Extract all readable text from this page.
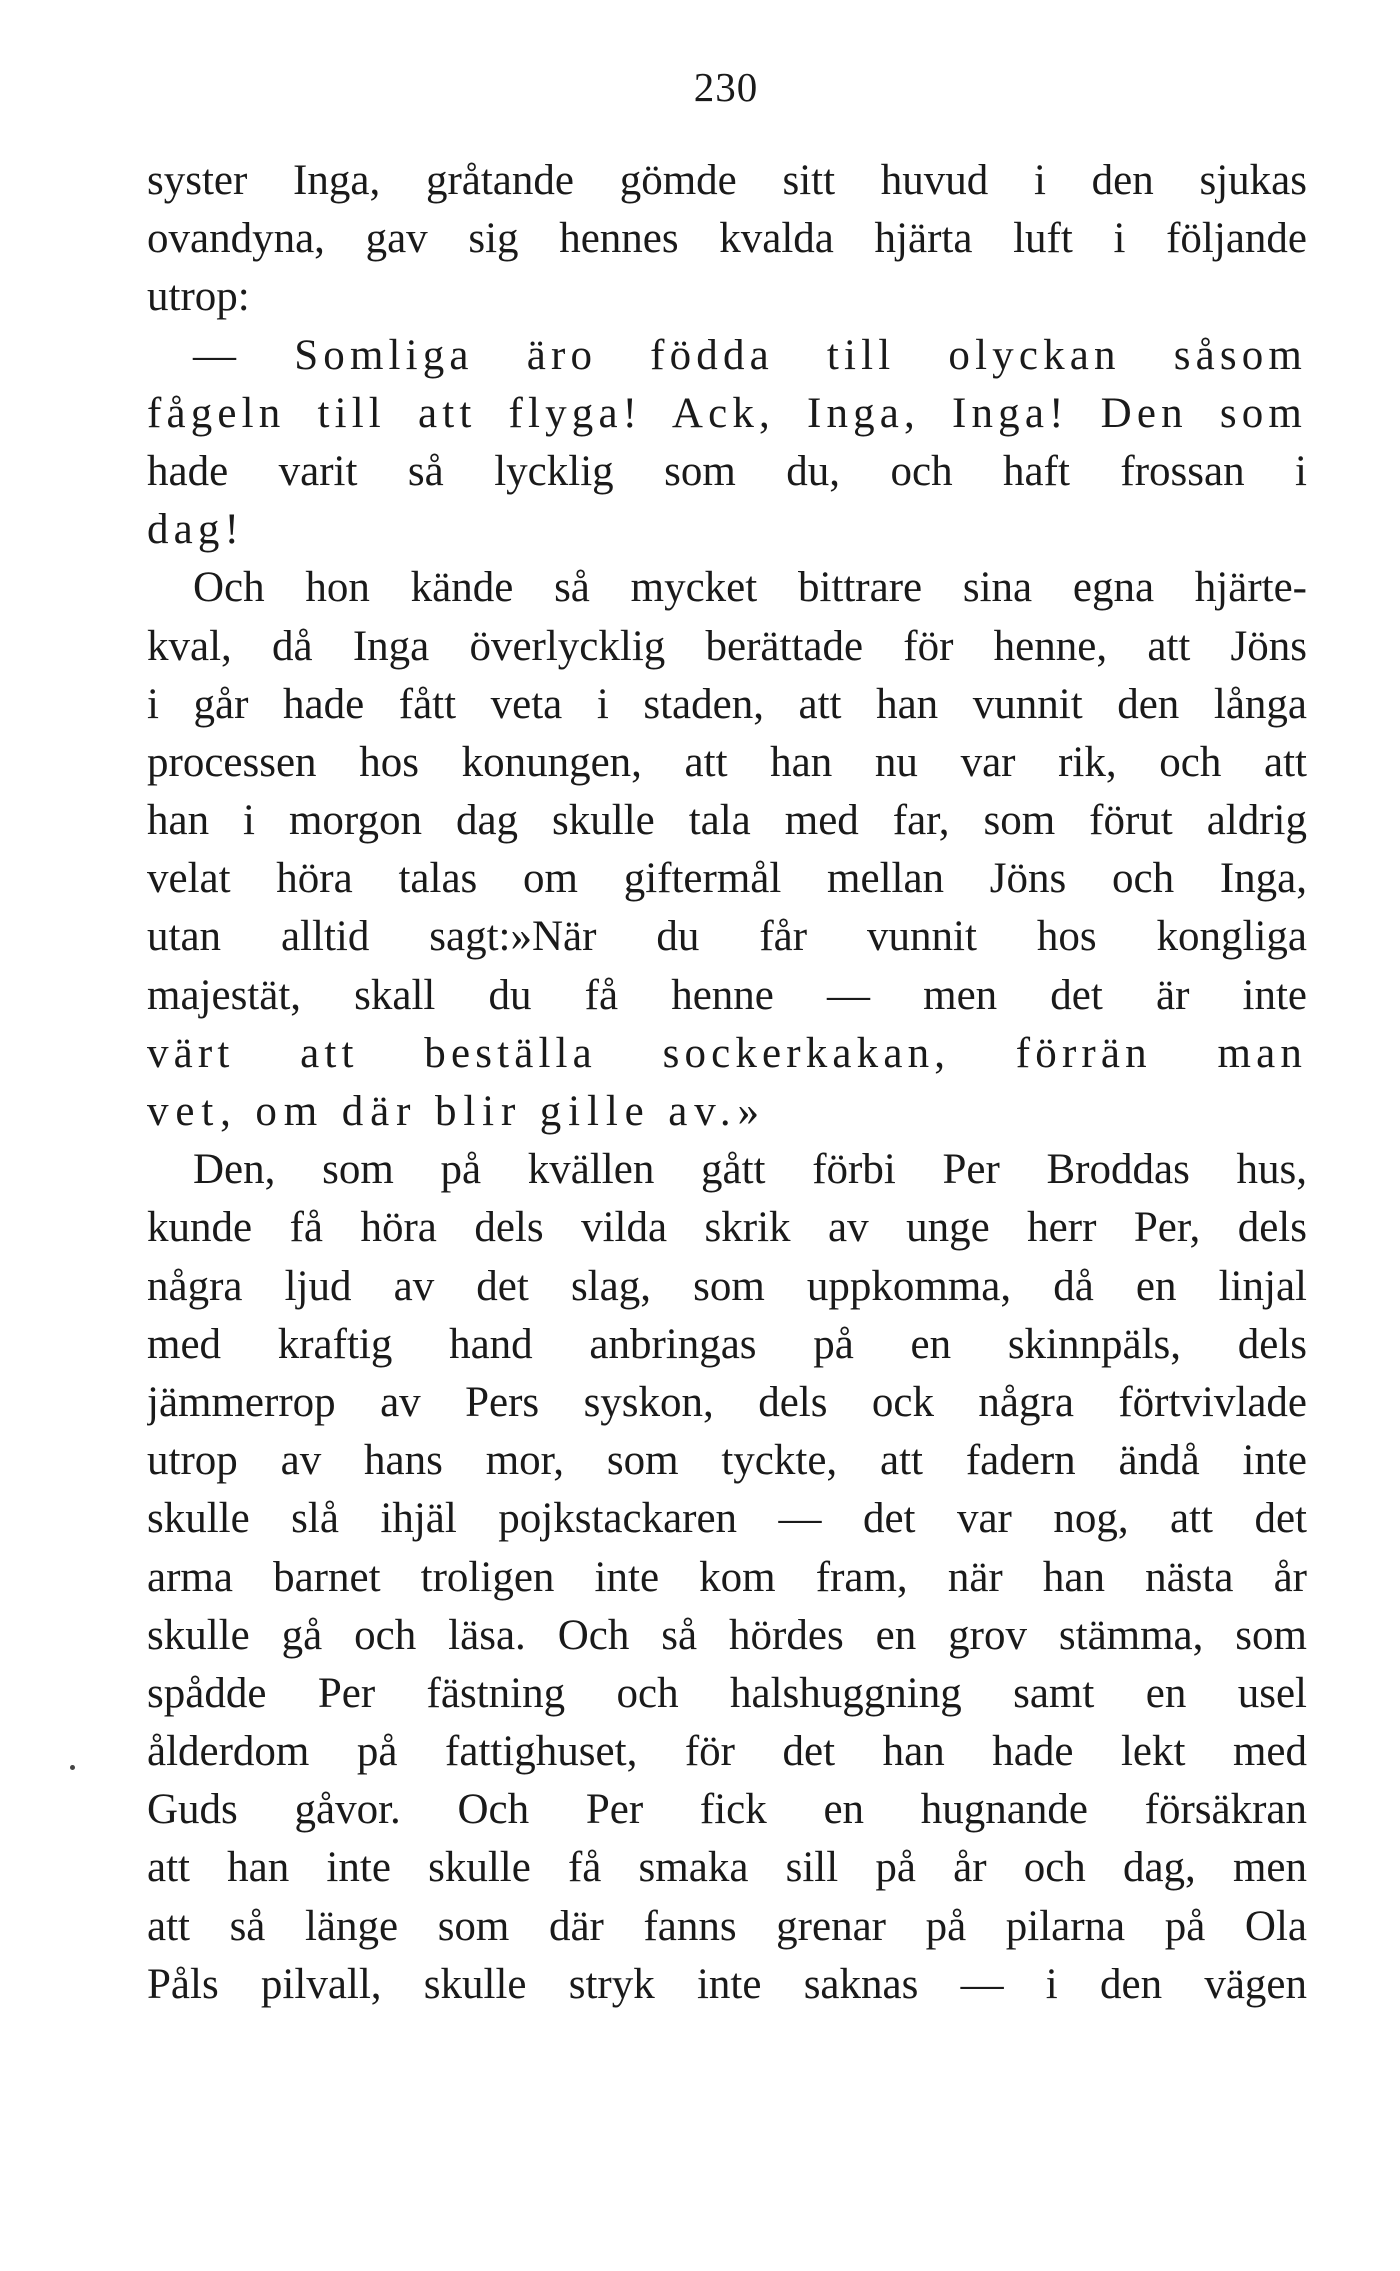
230
syster Inga, gråtande gömde sitt huvud i den sjukas
ovandyna, gav sig hennes kvalda hjärta luft i följande
utrop:
— Somliga äro födda till olyckan såsom
fågeln till att flyga! Ack, Inga, Inga! Den som
hade varit så lycklig som du, och haft frossan i
dag!
Och hon kände så mycket bittrare sina egna hjärte-
kval, då Inga överlycklig berättade för henne, att Jöns
i går hade fått veta i staden, att han vunnit den långa
processen hos konungen, att han nu var rik, och att
han i morgon dag skulle tala med far, som förut aldrig
velat höra talas om giftermål mellan Jöns och Inga,
utan alltid sagt:»När du får vunnit hos kongliga
majestät, skall du få henne — men det är inte
värt att beställa sockerkakan, förrän man
vet, om där blir gille av.»
Den, som på kvällen gått förbi Per Broddas hus,
kunde få höra dels vilda skrik av unge herr Per, dels
några ljud av det slag, som uppkomma, då en linjal
med kraftig hand anbringas på en skinnpäls, dels
jämmerrop av Pers syskon, dels ock några förtvivlade
utrop av hans mor, som tyckte, att fadern ändå inte
skulle slå ihjäl pojkstackaren — det var nog, att det
arma barnet troligen inte kom fram, när han nästa år
skulle gå och läsa. Och så hördes en grov stämma, som
spådde Per fästning och halshuggning samt en usel
ålderdom på fattighuset, för det han hade lekt med
Guds gåvor. Och Per fick en hugnande försäkran
att han inte skulle få smaka sill på år och dag, men
att så länge som där fanns grenar på pilarna på Ola
Påls pilvall, skulle stryk inte saknas — i den vägen
